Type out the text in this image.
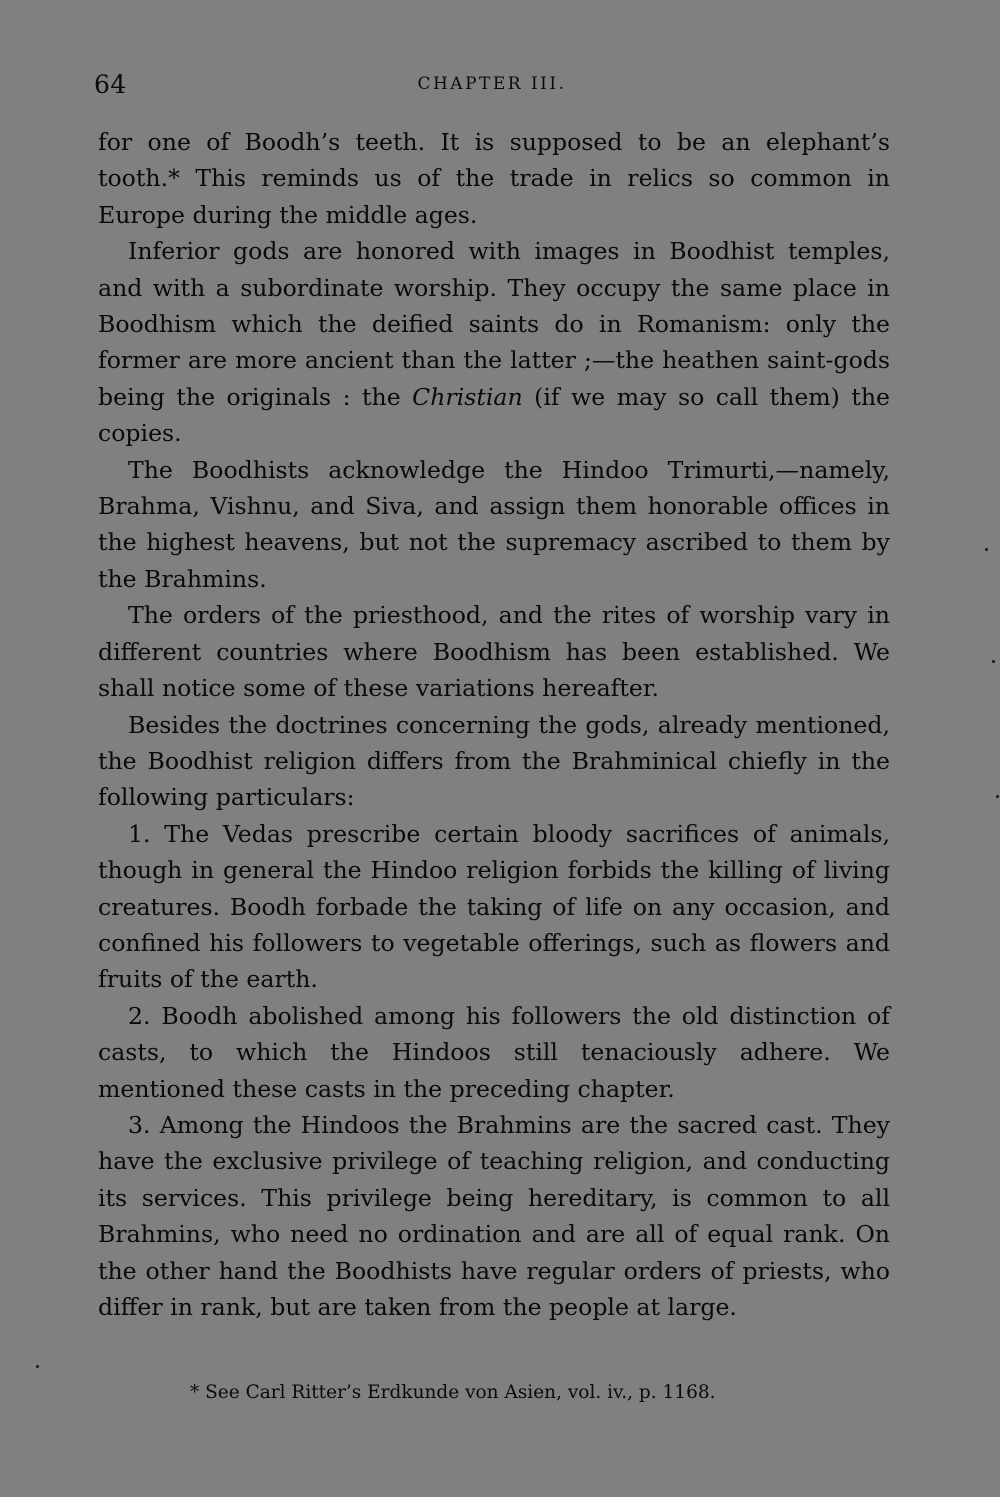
64	CHAPTER III.

for one of Boodh’s teeth. It is supposed to be an elephant’s tooth.* This reminds us of the trade in relics so common in Europe during the middle ages.

Inferior gods are honored with images in Boodhist temples, and with a subordinate worship. They occupy the same place in Boodhism which the deified saints do in Romanism: only the former are more ancient than the latter ;—the heathen saint-gods being the originals : the Christian (if we may so call them) the copies.

The Boodhists acknowledge the Hindoo Trimurti,—namely, Brahma, Vishnu, and Siva, and assign them honorable offices in the highest heavens, but not the supremacy ascribed to them by the Brahmins.

The orders of the priesthood, and the rites of worship vary in different countries where Boodhism has been established. We shall notice some of these variations hereafter.

Besides the doctrines concerning the gods, already mentioned, the Boodhist religion differs from the Brahminical chiefly in the following particulars:

1. The Vedas prescribe certain bloody sacrifices of animals, though in general the Hindoo religion forbids the killing of living creatures. Boodh forbade the taking of life on any occasion, and confined his followers to vegetable offerings, such as flowers and fruits of the earth.

2. Boodh abolished among his followers the old distinction of casts, to which the Hindoos still tenaciously adhere. We mentioned these casts in the preceding chapter.

3. Among the Hindoos the Brahmins are the sacred cast. They have the exclusive privilege of teaching religion, and conducting its services. This privilege being hereditary, is common to all Brahmins, who need no ordination and are all of equal rank. On the other hand the Boodhists have regular orders of priests, who differ in rank, but are taken from the people at large.

* See Carl Ritter’s Erdkunde von Asien, vol. iv., p. 1168.
